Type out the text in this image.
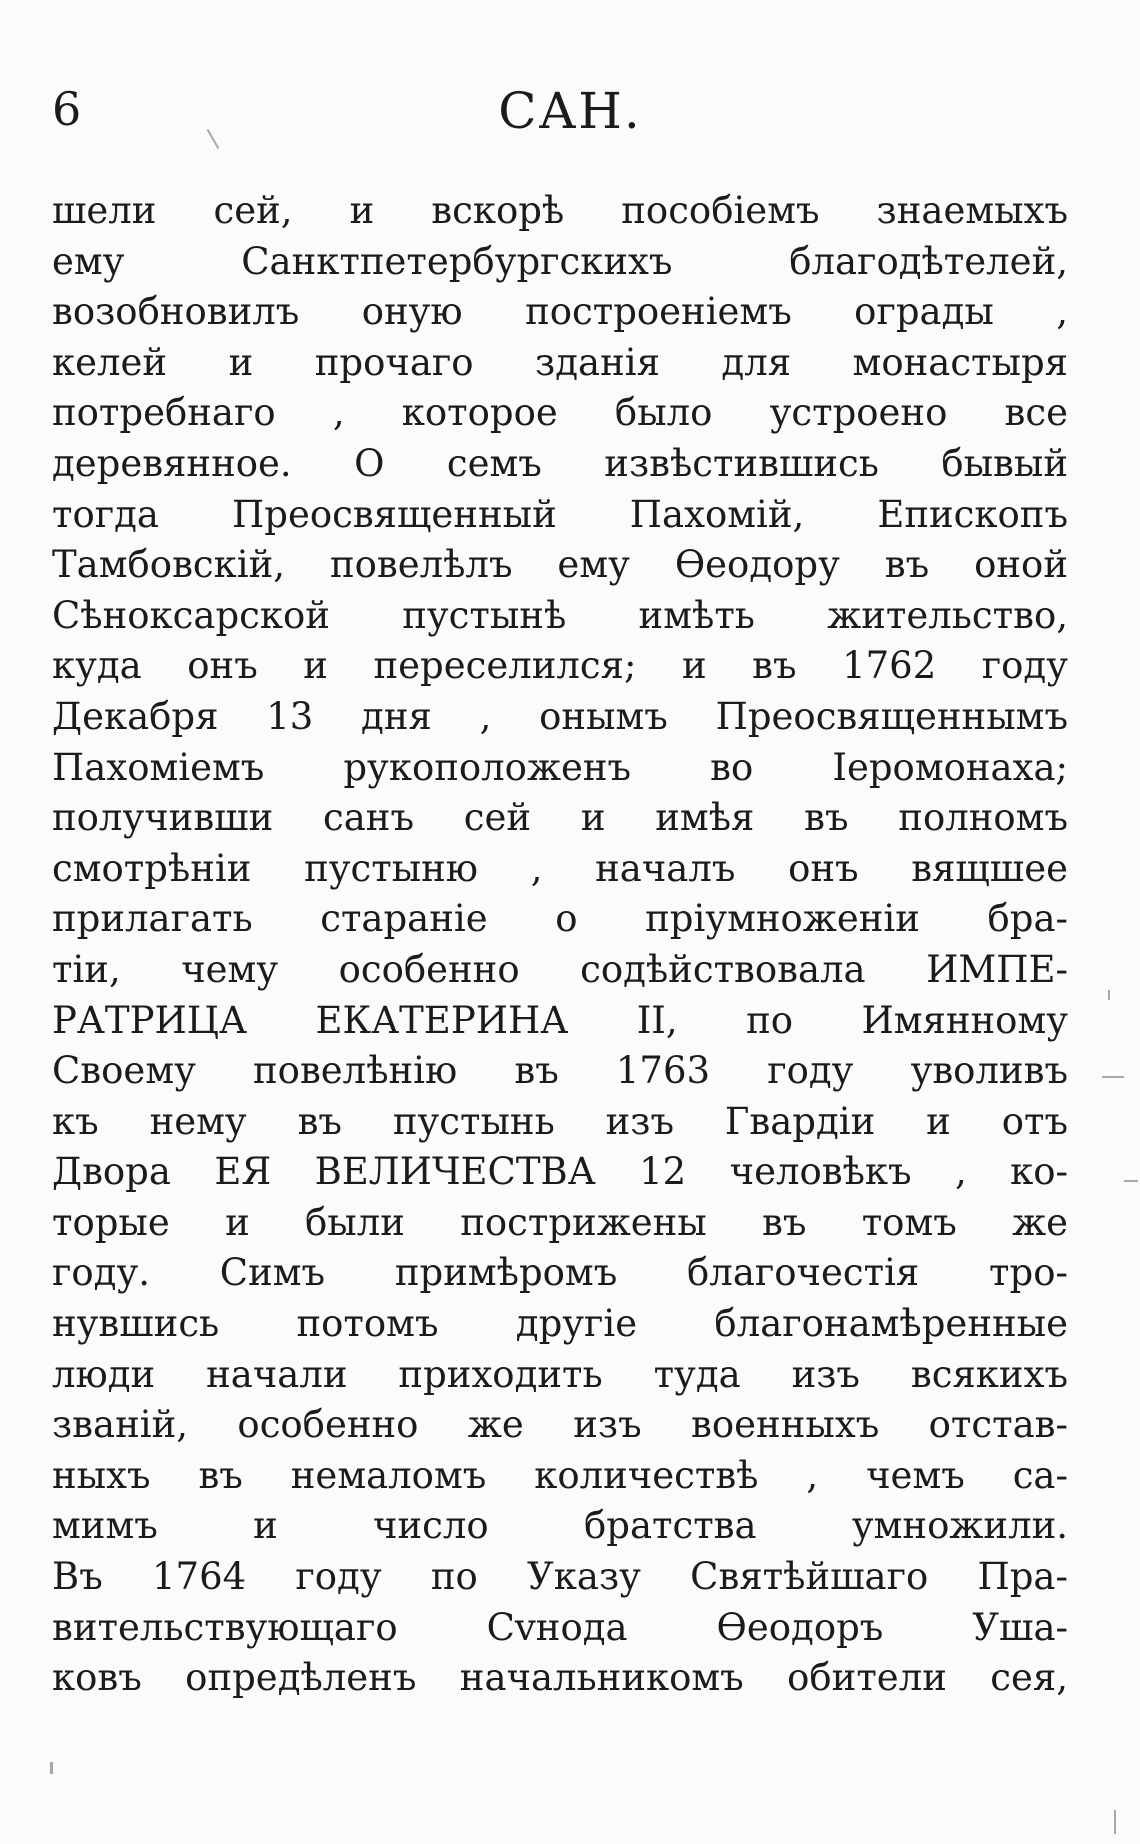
6	САН.
шели сей, и вскорѣ пособіемъ знаемыхъ
ему Санктпетербургскихъ благодѣтелей,
возобновилъ оную построеніемъ ограды ,
келей и прочаго зданія для монастыря
потребнаго , которое было устроено все
деревянное. О семъ извѣстившись бывый
тогда Преосвященный Пахомій, Епископъ
Тамбовскій, повелѣлъ ему Ѳеодору въ оной
Сѣноксарской пустынѣ имѣть жительство,
куда онъ и переселился; и въ 1762 году
Декабря 13 дня , онымъ Преосвященнымъ
Пахоміемъ рукоположенъ во Іеромонаха;
получивши санъ сей и имѣя въ полномъ
смотрѣніи пустыню , началъ онъ вящшее
прилагать стараніе о пріумноженіи бра-
тіи, чему особенно содѣйствовала ИМПЕ-
РАТРИЦА ЕКАТЕРИНА II, по Имянному
Своему повелѣнію въ 1763 году уволивъ
къ нему въ пустынь изъ Гвардіи и отъ
Двора ЕЯ ВЕЛИЧЕСТВА 12 человѣкъ , ко-
торые и были пострижены въ томъ же
году. Симъ примѣромъ благочестія тро-
нувшись потомъ другіе благонамѣренные
люди начали приходить туда изъ всякихъ
званій, особенно же изъ военныхъ отстав-
ныхъ въ немаломъ количествѣ , чемъ са-
мимъ и число братства умножили.
Въ 1764 году по Указу Святѣйшаго Пра-
вительствующаго Сvнода Ѳеодоръ Уша-
ковъ опредѣленъ начальникомъ обители сея,
